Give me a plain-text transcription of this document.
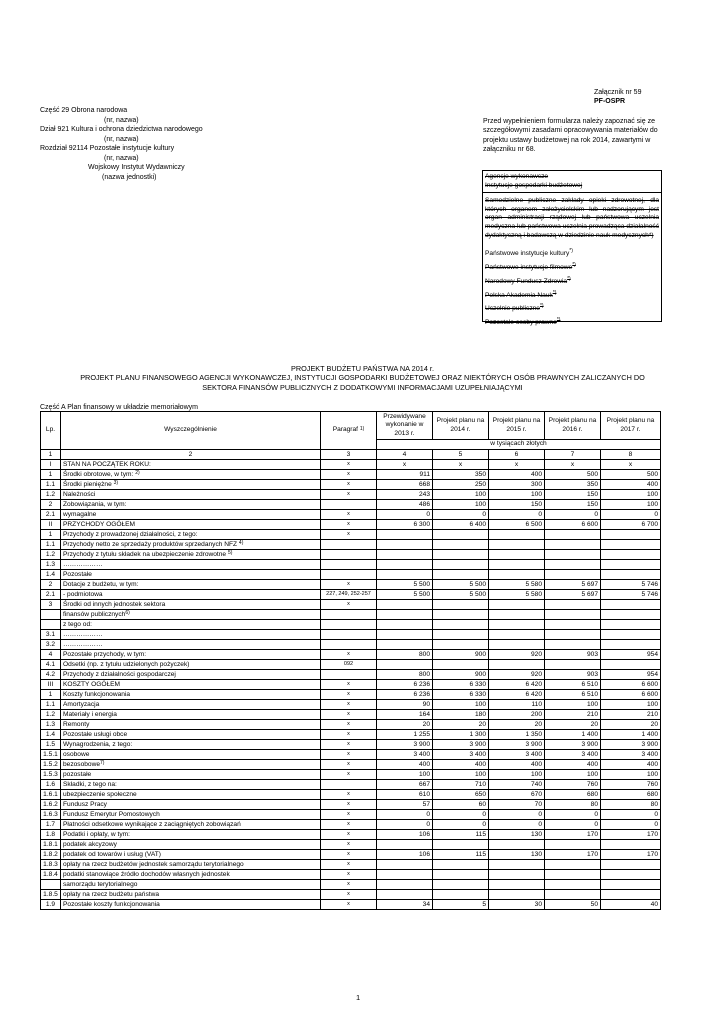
Załącznik nr 59
PF-OSPR
Część 29 Obrona narodowa
(nr, nazwa)
Dział 921 Kultura i ochrona dziedzictwa narodowego
(nr, nazwa)
Rozdział 92114 Pozostałe instytucje kultury
(nr, nazwa)
Wojskowy Instytut Wydawniczy
(nazwa jednostki)
Przed wypełnieniem formularza należy zapoznać się ze szczegółowymi zasadami opracowywania materiałów do projektu ustawy budżetowej na rok 2014, zawartymi w załączniku nr 68.
Agencje wykonawcze
Instytucje gospodarki budżetowej
Samodzielne publiczne zakłady opieki zdrowotnej, dla których organem założycielskim lub nadzorującym jest organ administracji rządowej lub państwowa uczelnia medyczna lub państwowa uczelnia prowadząca działalność dydaktyczną i badawczą w dziedzinie nauk medycznych*)
Państwowe instytucje kultury*)
Państwowe instytucje filmowe*)
Narodowy Fundusz Zdrowia*)
Polska Akademia Nauk*)
Uczelnie publiczne*)
Pozostałe osoby prawne*)
PROJEKT BUDŻETU PAŃSTWA NA 2014 r.
PROJEKT PLANU FINANSOWEGO AGENCJI WYKONAWCZEJ, INSTYTUCJI GOSPODARKI BUDŻETOWEJ ORAZ NIEKTÓRYCH OSÓB PRAWNYCH ZALICZANYCH DO
SEKTORA FINANSÓW PUBLICZNYCH Z DODATKOWYMI INFORMACJAMI UZUPEŁNIAJĄCYMI
Część A Plan finansowy w układzie memoriałowym
Lp.	Wyszczególnienie	Paragraf $^{1)}$	Przewidywane wykonanie w 2013 r.	Projekt planu na 2014 r.	Projekt planu na 2015 r.	Projekt planu na 2016 r.	Projekt planu na 2017 r.
			w tysiącach złotych				
1	2	3	4	5	6	7	8
I	STAN NA POCZĄTEK ROKU:	x	x	x	x	x	x
1	Środki obrotowe, w tym: $^{2)}$	x	911	350	400	500	500
1.1	Środki pieniężne $^{3)}$	x	668	250	300	350	400
1.2	Należności	x	243	100	100	150	100
2	Zobowiązania, w tym:		486	100	150	150	100
2.1	wymagalne	x	0	0	0	0	0
II	PRZYCHODY OGÓŁEM	x	6 300	6 400	6 500	6 600	6 700
1	Przychody z prowadzonej działalności, z tego:	x					
1.1	Przychody netto ze sprzedaży produktów sprzedanych NFZ $^{4)}$						
1.2	Przychody z tytułu składek na ubezpieczenie zdrowotne $^{5)}$						
1.3	………………						
1.4	Pozostałe						
2	Dotacje z budżetu, w tym:	x	5 500	5 500	5 580	5 697	5 746
2.1	- podmiotowa	227, 249, 252-257	5 500	5 500	5 580	5 697	5 746
3	Środki od innych jednostek sektora	x					
	finansów publicznych$^{6)}$						
	z tego od:						
3.1	………………						
3.2	………………						
4	Pozostałe przychody, w tym:	x	800	900	920	903	954
4.1	Odsetki (np. z tytułu udzielonych pożyczek)	092					
4.2	Przychody z działalności gospodarczej		800	900	920	903	954
III	KOSZTY OGÓŁEM	x	6 236	6 330	6 420	6 510	6 600
1	Koszty funkcjonowania	x	6 236	6 330	6 420	6 510	6 600
1.1	Amortyzacja	x	90	100	110	100	100
1.2	Materiały i energia	x	164	180	200	210	210
1.3	Remonty	x	20	20	20	20	20
1.4	Pozostałe usługi obce	x	1 255	1 300	1 350	1 400	1 400
1.5	Wynagrodzenia, z tego:	x	3 900	3 900	3 900	3 900	3 900
1.5.1	osobowe	x	3 400	3 400	3 400	3 400	3 400
1.5.2	bezosobowe$^{7)}$	x	400	400	400	400	400
1.5.3	pozostałe	x	100	100	100	100	100
1.6	Składki, z tego na:		667	710	740	760	760
1.6.1	ubezpieczenie społeczne	x	610	650	670	680	680
1.6.2	Fundusz Pracy	x	57	60	70	80	80
1.6.3	Fundusz Emerytur Pomostowych	x	0	0	0	0	0
1.7	Płatności odsetkowe wynikające z zaciągniętych zobowiązań	x	0	0	0	0	0
1.8	Podatki i opłaty, w tym:	x	106	115	130	170	170
1.8.1	podatek akcyzowy	x					
1.8.2	podatek od towarów i usług (VAT)	x	106	115	130	170	170
1.8.3	opłaty na rzecz budżetów jednostek samorządu terytorialnego	x					
1.8.4	podatki stanowiące źródło dochodów własnych jednostek	x					
	samorządu terytorialnego	x					
1.8.5	opłaty na rzecz budżetu państwa	x					
1.9	Pozostałe koszty funkcjonowania	x	34	5	30	50	40
1
